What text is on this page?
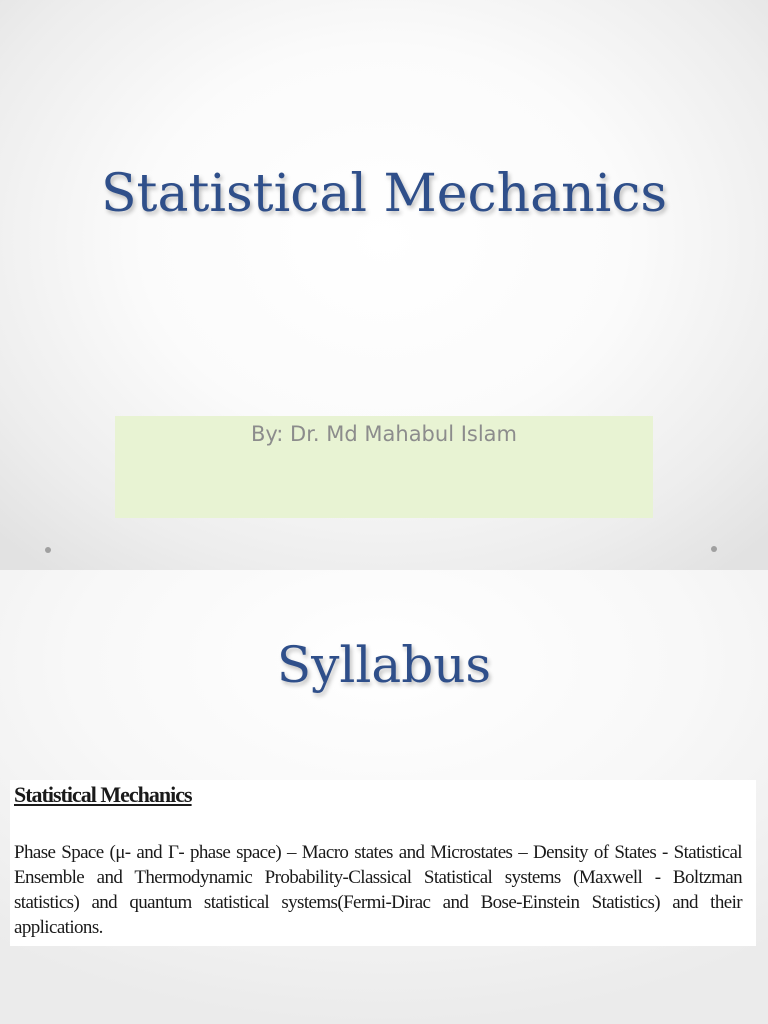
Statistical Mechanics
By: Dr. Md Mahabul Islam
Syllabus
Statistical Mechanics
Phase Space (μ- and Γ- phase space) – Macro states and Microstates – Density of States - Statistical Ensemble and Thermodynamic Probability-Classical Statistical systems (Maxwell - Boltzman statistics) and quantum statistical systems(Fermi-Dirac and Bose-Einstein Statistics) and their applications.
